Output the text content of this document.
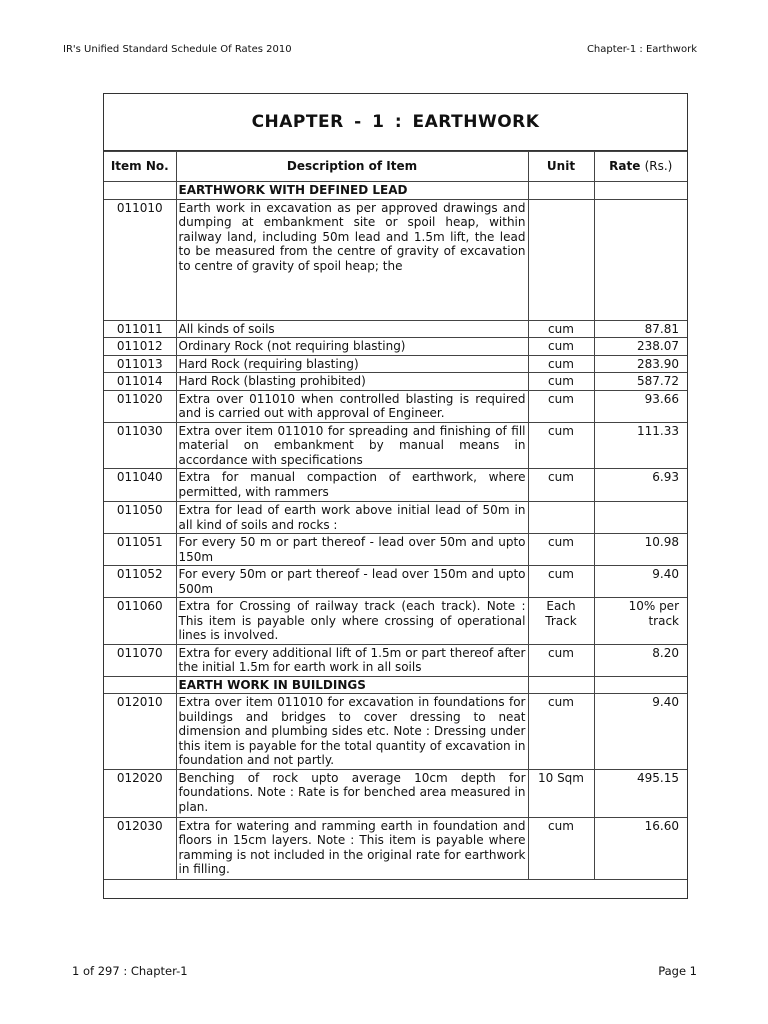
IR's Unified Standard Schedule Of Rates 2010	Chapter-1 : Earthwork
CHAPTER - 1 : EARTHWORK
Item No.	Description of Item	Unit	Rate (Rs.)
	EARTHWORK WITH DEFINED LEAD		
011010	Earth work in excavation as per approved drawings and dumping at embankment site or spoil heap, within railway land, including 50m lead and 1.5m lift, the lead to be measured from the centre of gravity of excavation to centre of gravity of spoil heap; the		
011011	All kinds of soils	cum	87.81
011012	Ordinary Rock (not requiring blasting)	cum	238.07
011013	Hard Rock (requiring blasting)	cum	283.90
011014	Hard Rock (blasting prohibited)	cum	587.72
011020	Extra over 011010 when controlled blasting is required and is carried out with approval of Engineer.	cum	93.66
011030	Extra over item 011010 for spreading and finishing of fill material on embankment by manual means in accordance with specifications	cum	111.33
011040	Extra for manual compaction of earthwork, where permitted, with rammers	cum	6.93
011050	Extra for lead of earth work above initial lead of 50m in all kind of soils and rocks :		
011051	For every 50 m or part thereof - lead over 50m and upto 150m	cum	10.98
011052	For every 50m or part thereof - lead over 150m and upto 500m	cum	9.40
011060	Extra for Crossing of railway track (each track). Note : This item is payable only where crossing of operational lines is involved.	Each Track	10% per track
011070	Extra for every additional lift of 1.5m or part thereof after the initial 1.5m for earth work in all soils	cum	8.20
	EARTH WORK IN BUILDINGS		
012010	Extra over item 011010 for excavation in foundations for buildings and bridges to cover dressing to neat dimension and plumbing sides etc. Note : Dressing under this item is payable for the total quantity of excavation in foundation and not partly.	cum	9.40
012020	Benching of rock upto average 10cm depth for foundations. Note : Rate is for benched area measured in plan.	10 Sqm	495.15
012030	Extra for watering and ramming earth in foundation and floors in 15cm layers. Note : This item is payable where ramming is not included in the original rate for earthwork in filling.	cum	16.60
1 of 297 : Chapter-1	Page 1
